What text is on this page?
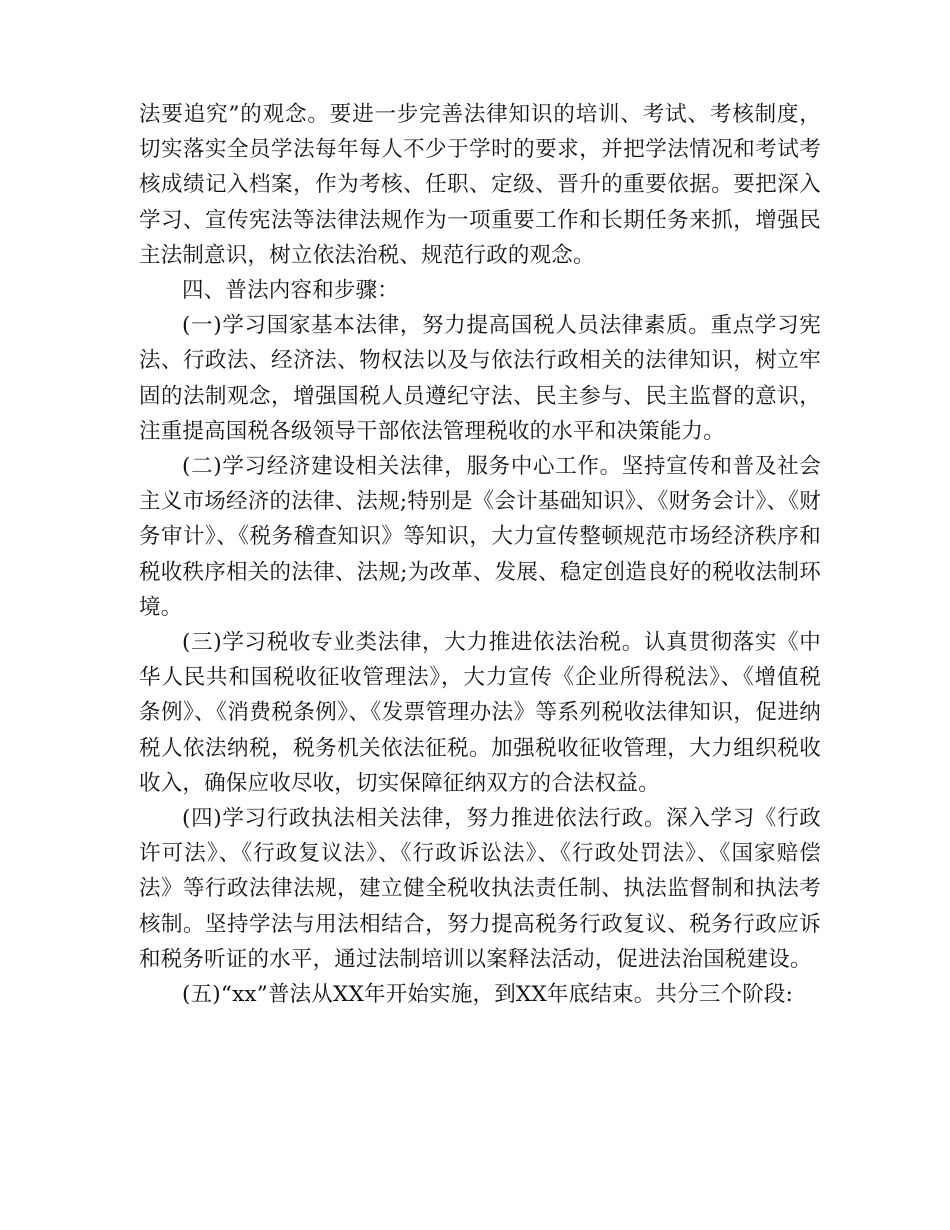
法要追究”的观念。要进一步完善法律知识的培训、考试、考核制度，切实落实全员学法每年每人不少于学时的要求，并把学法情况和考试考核成绩记入档案，作为考核、任职、定级、晋升的重要依据。要把深入学习、宣传宪法等法律法规作为一项重要工作和长期任务来抓，增强民主法制意识，树立依法治税、规范行政的观念。

四、普法内容和步骤：

(一)学习国家基本法律，努力提高国税人员法律素质。重点学习宪法、行政法、经济法、物权法以及与依法行政相关的法律知识，树立牢固的法制观念，增强国税人员遵纪守法、民主参与、民主监督的意识，注重提高国税各级领导干部依法管理税收的水平和决策能力。

(二)学习经济建设相关法律，服务中心工作。坚持宣传和普及社会主义市场经济的法律、法规;特别是《会计基础知识》、《财务会计》、《财务审计》、《税务稽查知识》等知识，大力宣传整顿规范市场经济秩序和税收秩序相关的法律、法规;为改革、发展、稳定创造良好的税收法制环境。

(三)学习税收专业类法律，大力推进依法治税。认真贯彻落实《中华人民共和国税收征收管理法》，大力宣传《企业所得税法》、《增值税条例》、《消费税条例》、《发票管理办法》等系列税收法律知识，促进纳税人依法纳税，税务机关依法征税。加强税收征收管理，大力组织税收收入，确保应收尽收，切实保障征纳双方的合法权益。

(四)学习行政执法相关法律，努力推进依法行政。深入学习《行政许可法》、《行政复议法》、《行政诉讼法》、《行政处罚法》、《国家赔偿法》等行政法律法规，建立健全税收执法责任制、执法监督制和执法考核制。坚持学法与用法相结合，努力提高税务行政复议、税务行政应诉和税务听证的水平，通过法制培训以案释法活动，促进法治国税建设。

(五)“xx”普法从XX年开始实施，到XX年底结束。共分三个阶段:
